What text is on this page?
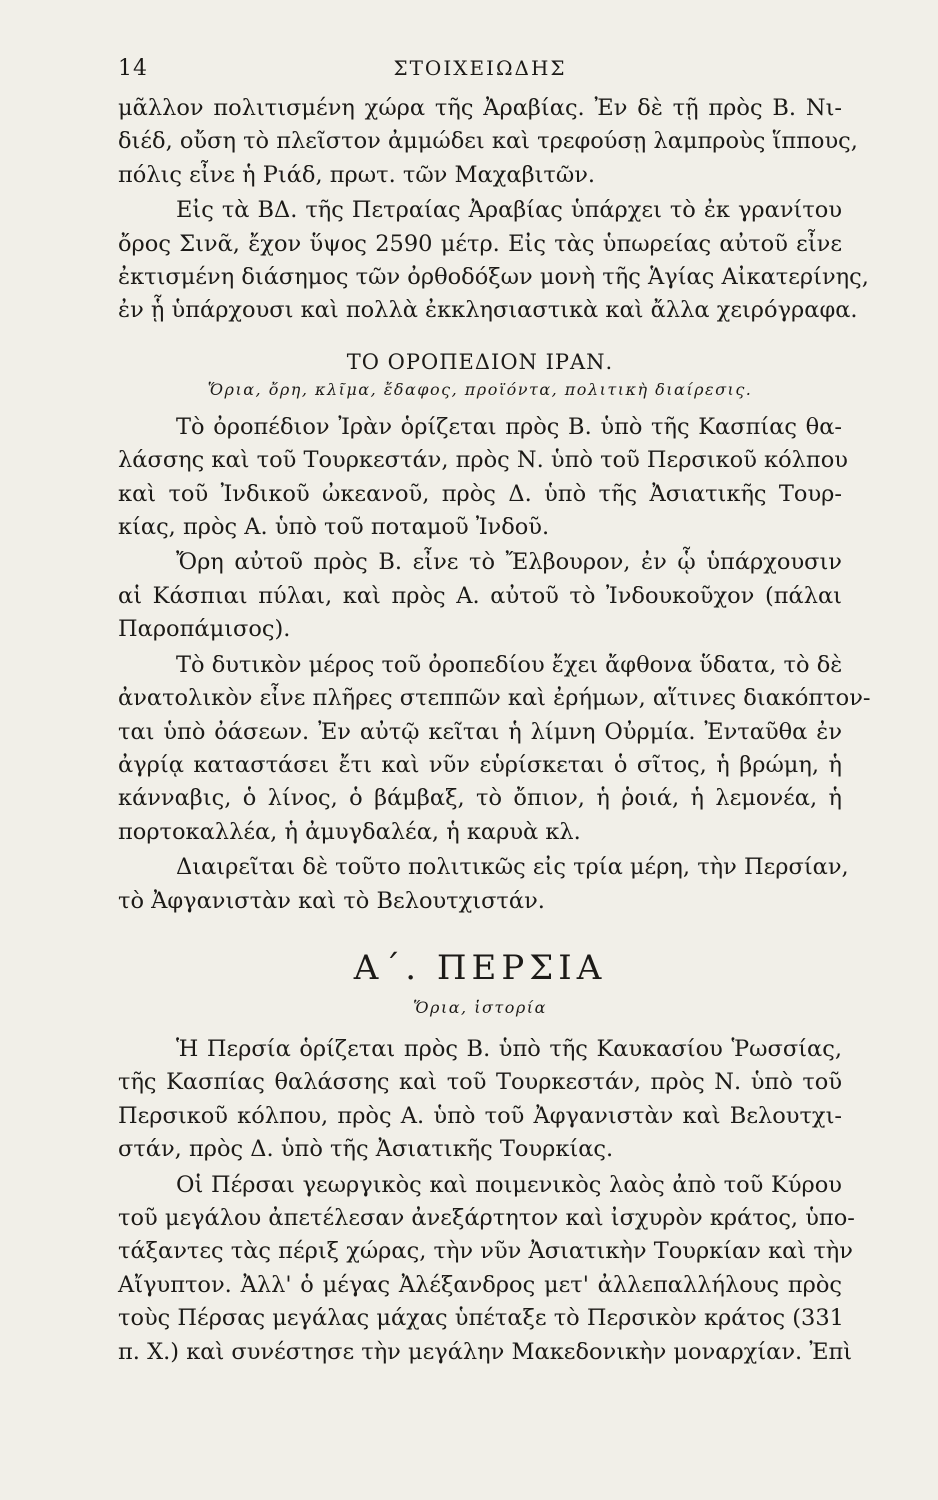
14	ΣΤΟΙΧΕΙΩΔΗΣ
μᾶλλον πολιτισμένη χώρα τῆς Ἀραβίας. Ἐν δὲ τῇ πρὸς Β. Νι-
διέδ, οὔση τὸ πλεῖστον ἀμμώδει καὶ τρεφούσῃ λαμπροὺς ἵππους,
πόλις εἶνε ἡ Ριάδ, πρωτ. τῶν Μαχαβιτῶν.
Εἰς τὰ ΒΔ. τῆς Πετραίας Ἀραβίας ὑπάρχει τὸ ἐκ γρανίτου
ὄρος Σινᾶ, ἔχον ὕψος 2590 μέτρ. Εἰς τὰς ὑπωρείας αὐτοῦ εἶνε
ἐκτισμένη διάσημος τῶν ὀρθοδόξων μονὴ τῆς Ἁγίας Αἰκατερίνης,
ἐν ᾗ ὑπάρχουσι καὶ πολλὰ ἐκκλησιαστικὰ καὶ ἄλλα χειρόγραφα.
ΤΟ ΟΡΟΠΕΔΙΟΝ ΙΡΑΝ.
Ὅρια, ὄρη, κλῖμα, ἔδαφος, προϊόντα, πολιτικὴ διαίρεσις.
Τὸ ὀροπέδιον Ἰρὰν ὁρίζεται πρὸς Β. ὑπὸ τῆς Κασπίας θα-
λάσσης καὶ τοῦ Τουρκεστάν, πρὸς Ν. ὑπὸ τοῦ Περσικοῦ κόλπου
καὶ τοῦ Ἰνδικοῦ ὠκεανοῦ, πρὸς Δ. ὑπὸ τῆς Ἀσιατικῆς Τουρ-
κίας, πρὸς Α. ὑπὸ τοῦ ποταμοῦ Ἰνδοῦ.
Ὄρη αὐτοῦ πρὸς Β. εἶνε τὸ Ἔλβουρον, ἐν ᾧ ὑπάρχουσιν
αἱ Κάσπιαι πύλαι, καὶ πρὸς Α. αὐτοῦ τὸ Ἰνδουκοῦχον (πάλαι
Παροπάμισος).
Τὸ δυτικὸν μέρος τοῦ ὀροπεδίου ἔχει ἄφθονα ὕδατα, τὸ δὲ
ἀνατολικὸν εἶνε πλῆρες στεππῶν καὶ ἐρήμων, αἵτινες διακόπτον-
ται ὑπὸ ὀάσεων. Ἐν αὐτῷ κεῖται ἡ λίμνη Οὐρμία. Ἐνταῦθα ἐν
ἀγρίᾳ καταστάσει ἔτι καὶ νῦν εὑρίσκεται ὁ σῖτος, ἡ βρώμη, ἡ
κάνναβις, ὁ λίνος, ὁ βάμβαξ, τὸ ὄπιον, ἡ ῥοιά, ἡ λεμονέα, ἡ
πορτοκαλλέα, ἡ ἀμυγδαλέα, ἡ καρυὰ κλ.
Διαιρεῖται δὲ τοῦτο πολιτικῶς εἰς τρία μέρη, τὴν Περσίαν,
τὸ Ἀφγανιστὰν καὶ τὸ Βελουτχιστάν.
Α΄. ΠΕΡΣΙΑ
Ὅρια, ἱστορία
Ἡ Περσία ὁρίζεται πρὸς Β. ὑπὸ τῆς Καυκασίου Ῥωσσίας,
τῆς Κασπίας θαλάσσης καὶ τοῦ Τουρκεστάν, πρὸς Ν. ὑπὸ τοῦ
Περσικοῦ κόλπου, πρὸς Α. ὑπὸ τοῦ Ἀφγανιστὰν καὶ Βελουτχι-
στάν, πρὸς Δ. ὑπὸ τῆς Ἀσιατικῆς Τουρκίας.
Οἱ Πέρσαι γεωργικὸς καὶ ποιμενικὸς λαὸς ἀπὸ τοῦ Κύρου
τοῦ μεγάλου ἀπετέλεσαν ἀνεξάρτητον καὶ ἰσχυρὸν κράτος, ὑπο-
τάξαντες τὰς πέριξ χώρας, τὴν νῦν Ἀσιατικὴν Τουρκίαν καὶ τὴν
Αἴγυπτον. Ἀλλ' ὁ μέγας Ἀλέξανδρος μετ' ἀλλεπαλλήλους πρὸς
τοὺς Πέρσας μεγάλας μάχας ὑπέταξε τὸ Περσικὸν κράτος (331
π. Χ.) καὶ συνέστησε τὴν μεγάλην Μακεδονικὴν μοναρχίαν. Ἐπὶ
